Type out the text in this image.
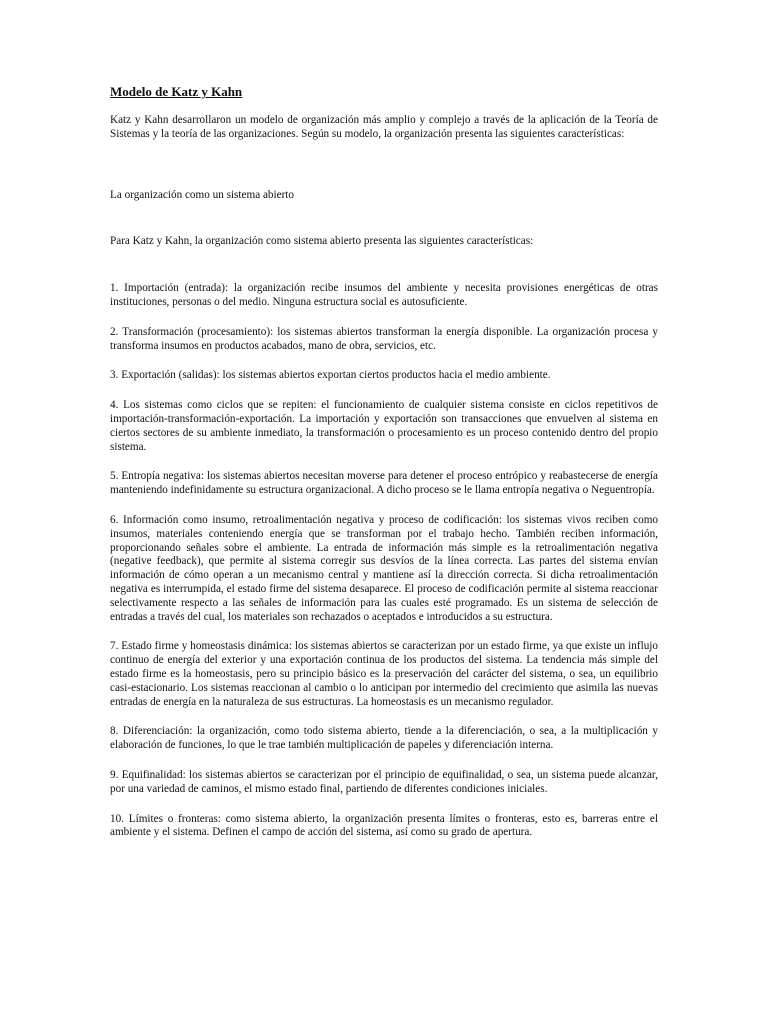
Modelo de Katz y Kahn

Katz y Kahn desarrollaron un modelo de organización más amplio y complejo a través de la aplicación de la Teoría de Sistemas y la teoría de las organizaciones. Según su modelo, la organización presenta las siguientes características:

La organización como un sistema abierto

Para Katz y Kahn, la organización como sistema abierto presenta las siguientes características:

1. Importación (entrada): la organización recibe insumos del ambiente y necesita provisiones energéticas de otras instituciones, personas o del medio. Ninguna estructura social es autosuficiente.

2. Transformación (procesamiento): los sistemas abiertos transforman la energía disponible. La organización procesa y transforma insumos en productos acabados, mano de obra, servicios, etc.

3. Exportación (salidas): los sistemas abiertos exportan ciertos productos hacia el medio ambiente.

4. Los sistemas como ciclos que se repiten: el funcionamiento de cualquier sistema consiste en ciclos repetitivos de importación-transformación-exportación. La importación y exportación son transacciones que envuelven al sistema en ciertos sectores de su ambiente inmediato, la transformación o procesamiento es un proceso contenido dentro del propio sistema.

5. Entropía negativa: los sistemas abiertos necesitan moverse para detener el proceso entrópico y reabastecerse de energía manteniendo indefinidamente su estructura organizacional. A dicho proceso se le llama entropía negativa o Neguentropía.

6. Información como insumo, retroalimentación negativa y proceso de codificación: los sistemas vivos reciben como insumos, materiales conteniendo energía que se transforman por el trabajo hecho. También reciben información, proporcionando señales sobre el ambiente. La entrada de información más simple es la retroalimentación negativa (negative feedback), que permite al sistema corregir sus desvíos de la línea correcta. Las partes del sistema envían información de cómo operan a un mecanismo central y mantiene así la dirección correcta. Si dicha retroalimentación negativa es interrumpida, el estado firme del sistema desaparece. El proceso de codificación permite al sistema reaccionar selectivamente respecto a las señales de información para las cuales esté programado. Es un sistema de selección de entradas a través del cual, los materiales son rechazados o aceptados e introducidos a su estructura.

7. Estado firme y homeostasis dinámica: los sistemas abiertos se caracterizan por un estado firme, ya que existe un influjo continuo de energía del exterior y una exportación continua de los productos del sistema. La tendencia más simple del estado firme es la homeostasis, pero su principio básico es la preservación del carácter del sistema, o sea, un equilibrio casi-estacionario. Los sistemas reaccionan al cambio o lo anticipan por intermedio del crecimiento que asimila las nuevas entradas de energía en la naturaleza de sus estructuras. La homeostasis es un mecanismo regulador.

8. Diferenciación: la organización, como todo sistema abierto, tiende a la diferenciación, o sea, a la multiplicación y elaboración de funciones, lo que le trae también multiplicación de papeles y diferenciación interna.

9. Equifinalidad: los sistemas abiertos se caracterizan por el principio de equifinalidad, o sea, un sistema puede alcanzar, por una variedad de caminos, el mismo estado final, partiendo de diferentes condiciones iniciales.

10. Límites o fronteras: como sistema abierto, la organización presenta límites o fronteras, esto es, barreras entre el ambiente y el sistema. Definen el campo de acción del sistema, así como su grado de apertura.
